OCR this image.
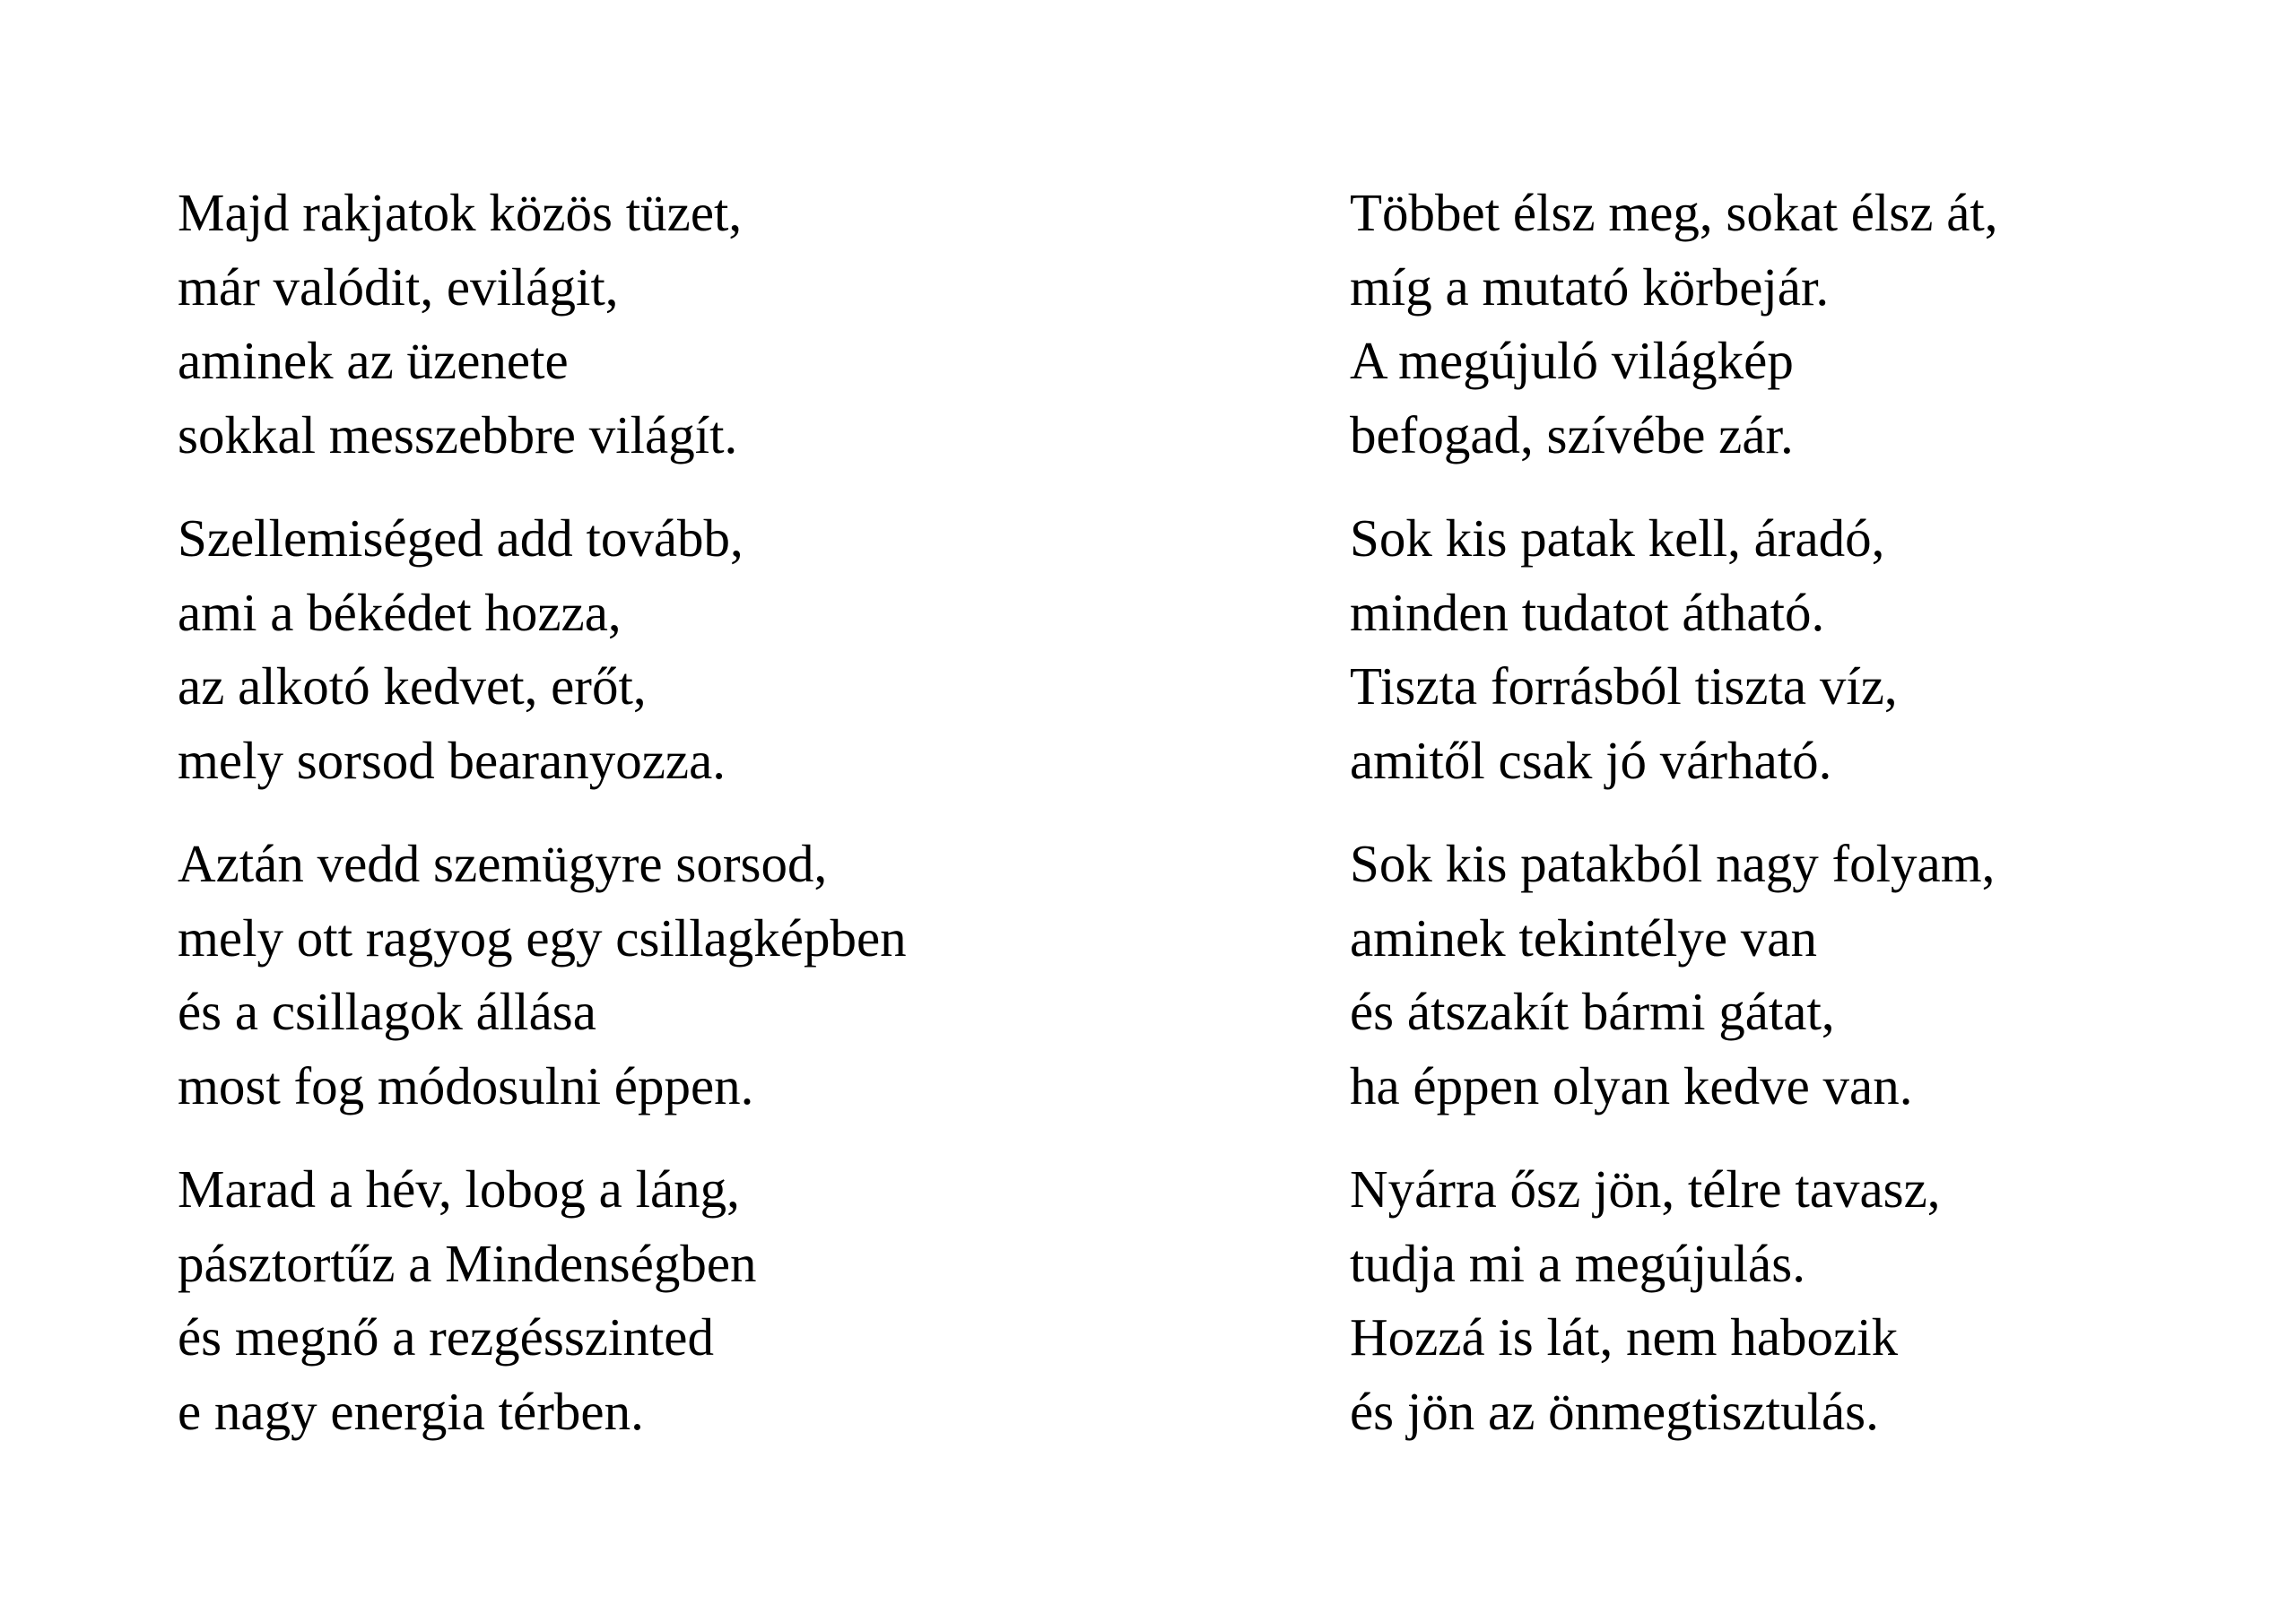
Majd rakjatok közös tüzet,
már valódit, evilágit,
aminek az üzenete
sokkal messzebbre világít.
Szellemiséged add tovább,
ami a békédet hozza,
az alkotó kedvet, erőt,
mely sorsod bearanyozza.
Aztán vedd szemügyre sorsod,
mely ott ragyog egy csillagképben
és a csillagok állása
most fog módosulni éppen.
Marad a hév, lobog a láng,
pásztortűz a Mindenségben
és megnő a rezgésszinted
e nagy energia térben.
Többet élsz meg, sokat élsz át,
míg a mutató körbejár.
A megújuló világkép
befogad, szívébe zár.
Sok kis patak kell, áradó,
minden tudatot átható.
Tiszta forrásból tiszta víz,
amitől csak jó várható.
Sok kis patakból nagy folyam,
aminek tekintélye van
és átszakít bármi gátat,
ha éppen olyan kedve van.
Nyárra ősz jön, télre tavasz,
tudja mi a megújulás.
Hozzá is lát, nem habozik
és jön az önmegtisztulás.
